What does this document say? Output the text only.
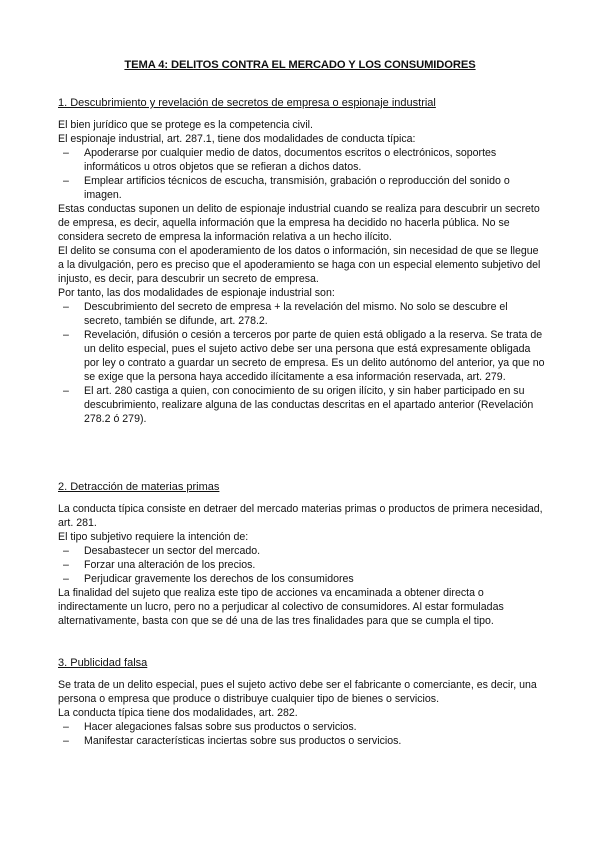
TEMA 4: DELITOS CONTRA EL MERCADO Y LOS CONSUMIDORES
1. Descubrimiento y revelación de secretos de empresa o espionaje industrial

El bien jurídico que se protege es la competencia civil.

El espionaje industrial, art. 287.1, tiene dos modalidades de conducta típica:

– Apoderarse por cualquier medio de datos, documentos escritos o electrónicos, soportes informáticos u otros objetos que se refieran a dichos datos.
– Emplear artificios técnicos de escucha, transmisión, grabación o reproducción del sonido o imagen.

Estas conductas suponen un delito de espionaje industrial cuando se realiza para descubrir un secreto de empresa, es decir, aquella información que la empresa ha decidido no hacerla pública. No se considera secreto de empresa la información relativa a un hecho ilícito.

El delito se consuma con el apoderamiento de los datos o información, sin necesidad de que se llegue a la divulgación, pero es preciso que el apoderamiento se haga con un especial elemento subjetivo del injusto, es decir, para descubrir un secreto de empresa.

Por tanto, las dos modalidades de espionaje industrial son:

– Descubrimiento del secreto de empresa + la revelación del mismo. No solo se descubre el secreto, también se difunde, art. 278.2.
– Revelación, difusión o cesión a terceros por parte de quien está obligado a la reserva. Se trata de un delito especial, pues el sujeto activo debe ser una persona que está expresamente obligada por ley o contrato a guardar un secreto de empresa. Es un delito autónomo del anterior, ya que no se exige que la persona haya accedido ilícitamente a esa información reservada, art. 279.
– El art. 280 castiga a quien, con conocimiento de su origen ilícito, y sin haber participado en su descubrimiento, realizare alguna de las conductas descritas en el apartado anterior (Revelación 278.2 ó 279).
2. Detracción de materias primas

La conducta típica consiste en detraer del mercado materias primas o productos de primera necesidad, art. 281.

El tipo subjetivo requiere la intención de:

– Desabastecer un sector del mercado.
– Forzar una alteración de los precios.
– Perjudicar gravemente los derechos de los consumidores

La finalidad del sujeto que realiza este tipo de acciones va encaminada a obtener directa o indirectamente un lucro, pero no a perjudicar al colectivo de consumidores. Al estar formuladas alternativamente, basta con que se dé una de las tres finalidades para que se cumpla el tipo.

3. Publicidad falsa

Se trata de un delito especial, pues el sujeto activo debe ser el fabricante o comerciante, es decir, una persona o empresa que produce o distribuye cualquier tipo de bienes o servicios.

La conducta típica tiene dos modalidades, art. 282.

– Hacer alegaciones falsas sobre sus productos o servicios.
– Manifestar características inciertas sobre sus productos o servicios.
